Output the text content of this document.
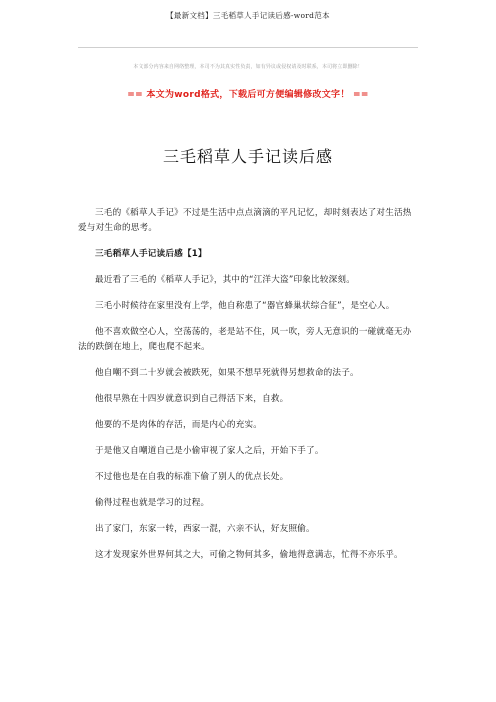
【最新文档】三毛稻草人手记读后感-word范本
本文部分内容来自网络整理，本司不为其真实性负责，如有异议或侵权请及时联系，本司将立即删除！
== 本文为word格式，下载后可方便编辑修改文字！ ==
三毛稻草人手记读后感

三毛的《稻草人手记》不过是生活中点点滴滴的平凡记忆，却时刻表达了对生活热爱与对生命的思考。

三毛稻草人手记读后感【1】

最近看了三毛的《稻草人手记》，其中的“江洋大盗”印象比较深刻。

三毛小时候待在家里没有上学，他自称患了“器官蜂巢状综合征”，是空心人。

他不喜欢做空心人，空荡荡的，老是站不住，风一吹，旁人无意识的一碰就毫无办法的跌倒在地上，爬也爬不起来。

他自嘲不到二十岁就会被跌死，如果不想早死就得另想救命的法子。

他很早熟在十四岁就意识到自己得活下来，自救。

他要的不是肉体的存活，而是内心的充实。

于是他又自嘲道自己是小偷审视了家人之后，开始下手了。

不过他也是在自我的标准下偷了别人的优点长处。

偷得过程也就是学习的过程。

出了家门，东家一转，西家一混，六亲不认，好友照偷。

这才发现家外世界何其之大，可偷之物何其多，偷地得意满志，忙得不亦乐乎。
